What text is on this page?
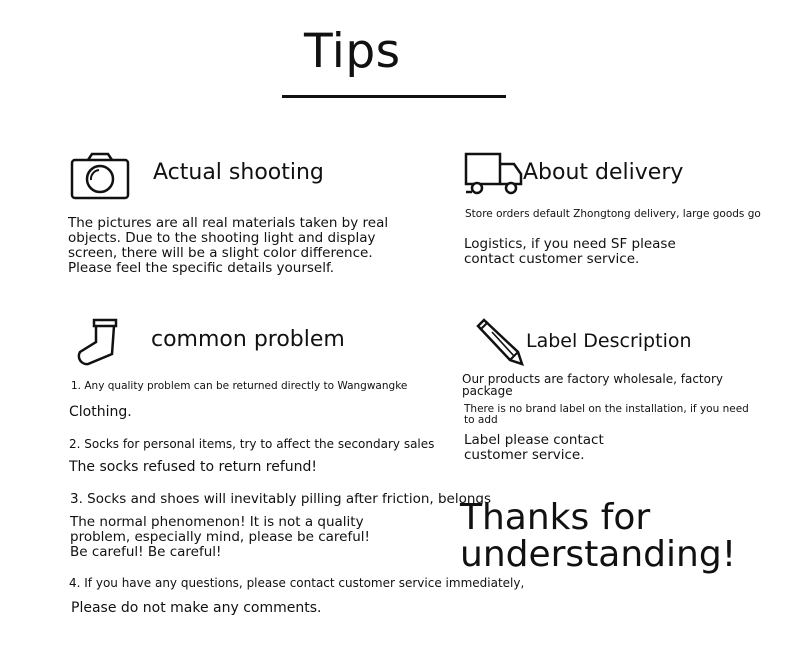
Tips
Actual shooting
The pictures are all real materials taken by real objects. Due to the shooting light and display screen, there will be a slight color difference. Please feel the specific details yourself.
About delivery
Store orders default Zhongtong delivery, large goods go
Logistics, if you need SF please contact customer service.
common problem
1. Any quality problem can be returned directly to Wangwangke
Clothing.
2. Socks for personal items, try to affect the secondary sales
The socks refused to return refund!
3. Socks and shoes will inevitably pilling after friction, belongs
The normal phenomenon! It is not a quality problem, especially mind, please be careful! Be careful! Be careful!
4. If you have any questions, please contact customer service immediately,
Please do not make any comments.
Label Description
Our products are factory wholesale, factory package
There is no brand label on the installation, if you need to add
Label please contact customer service.
Thanks for understanding!
